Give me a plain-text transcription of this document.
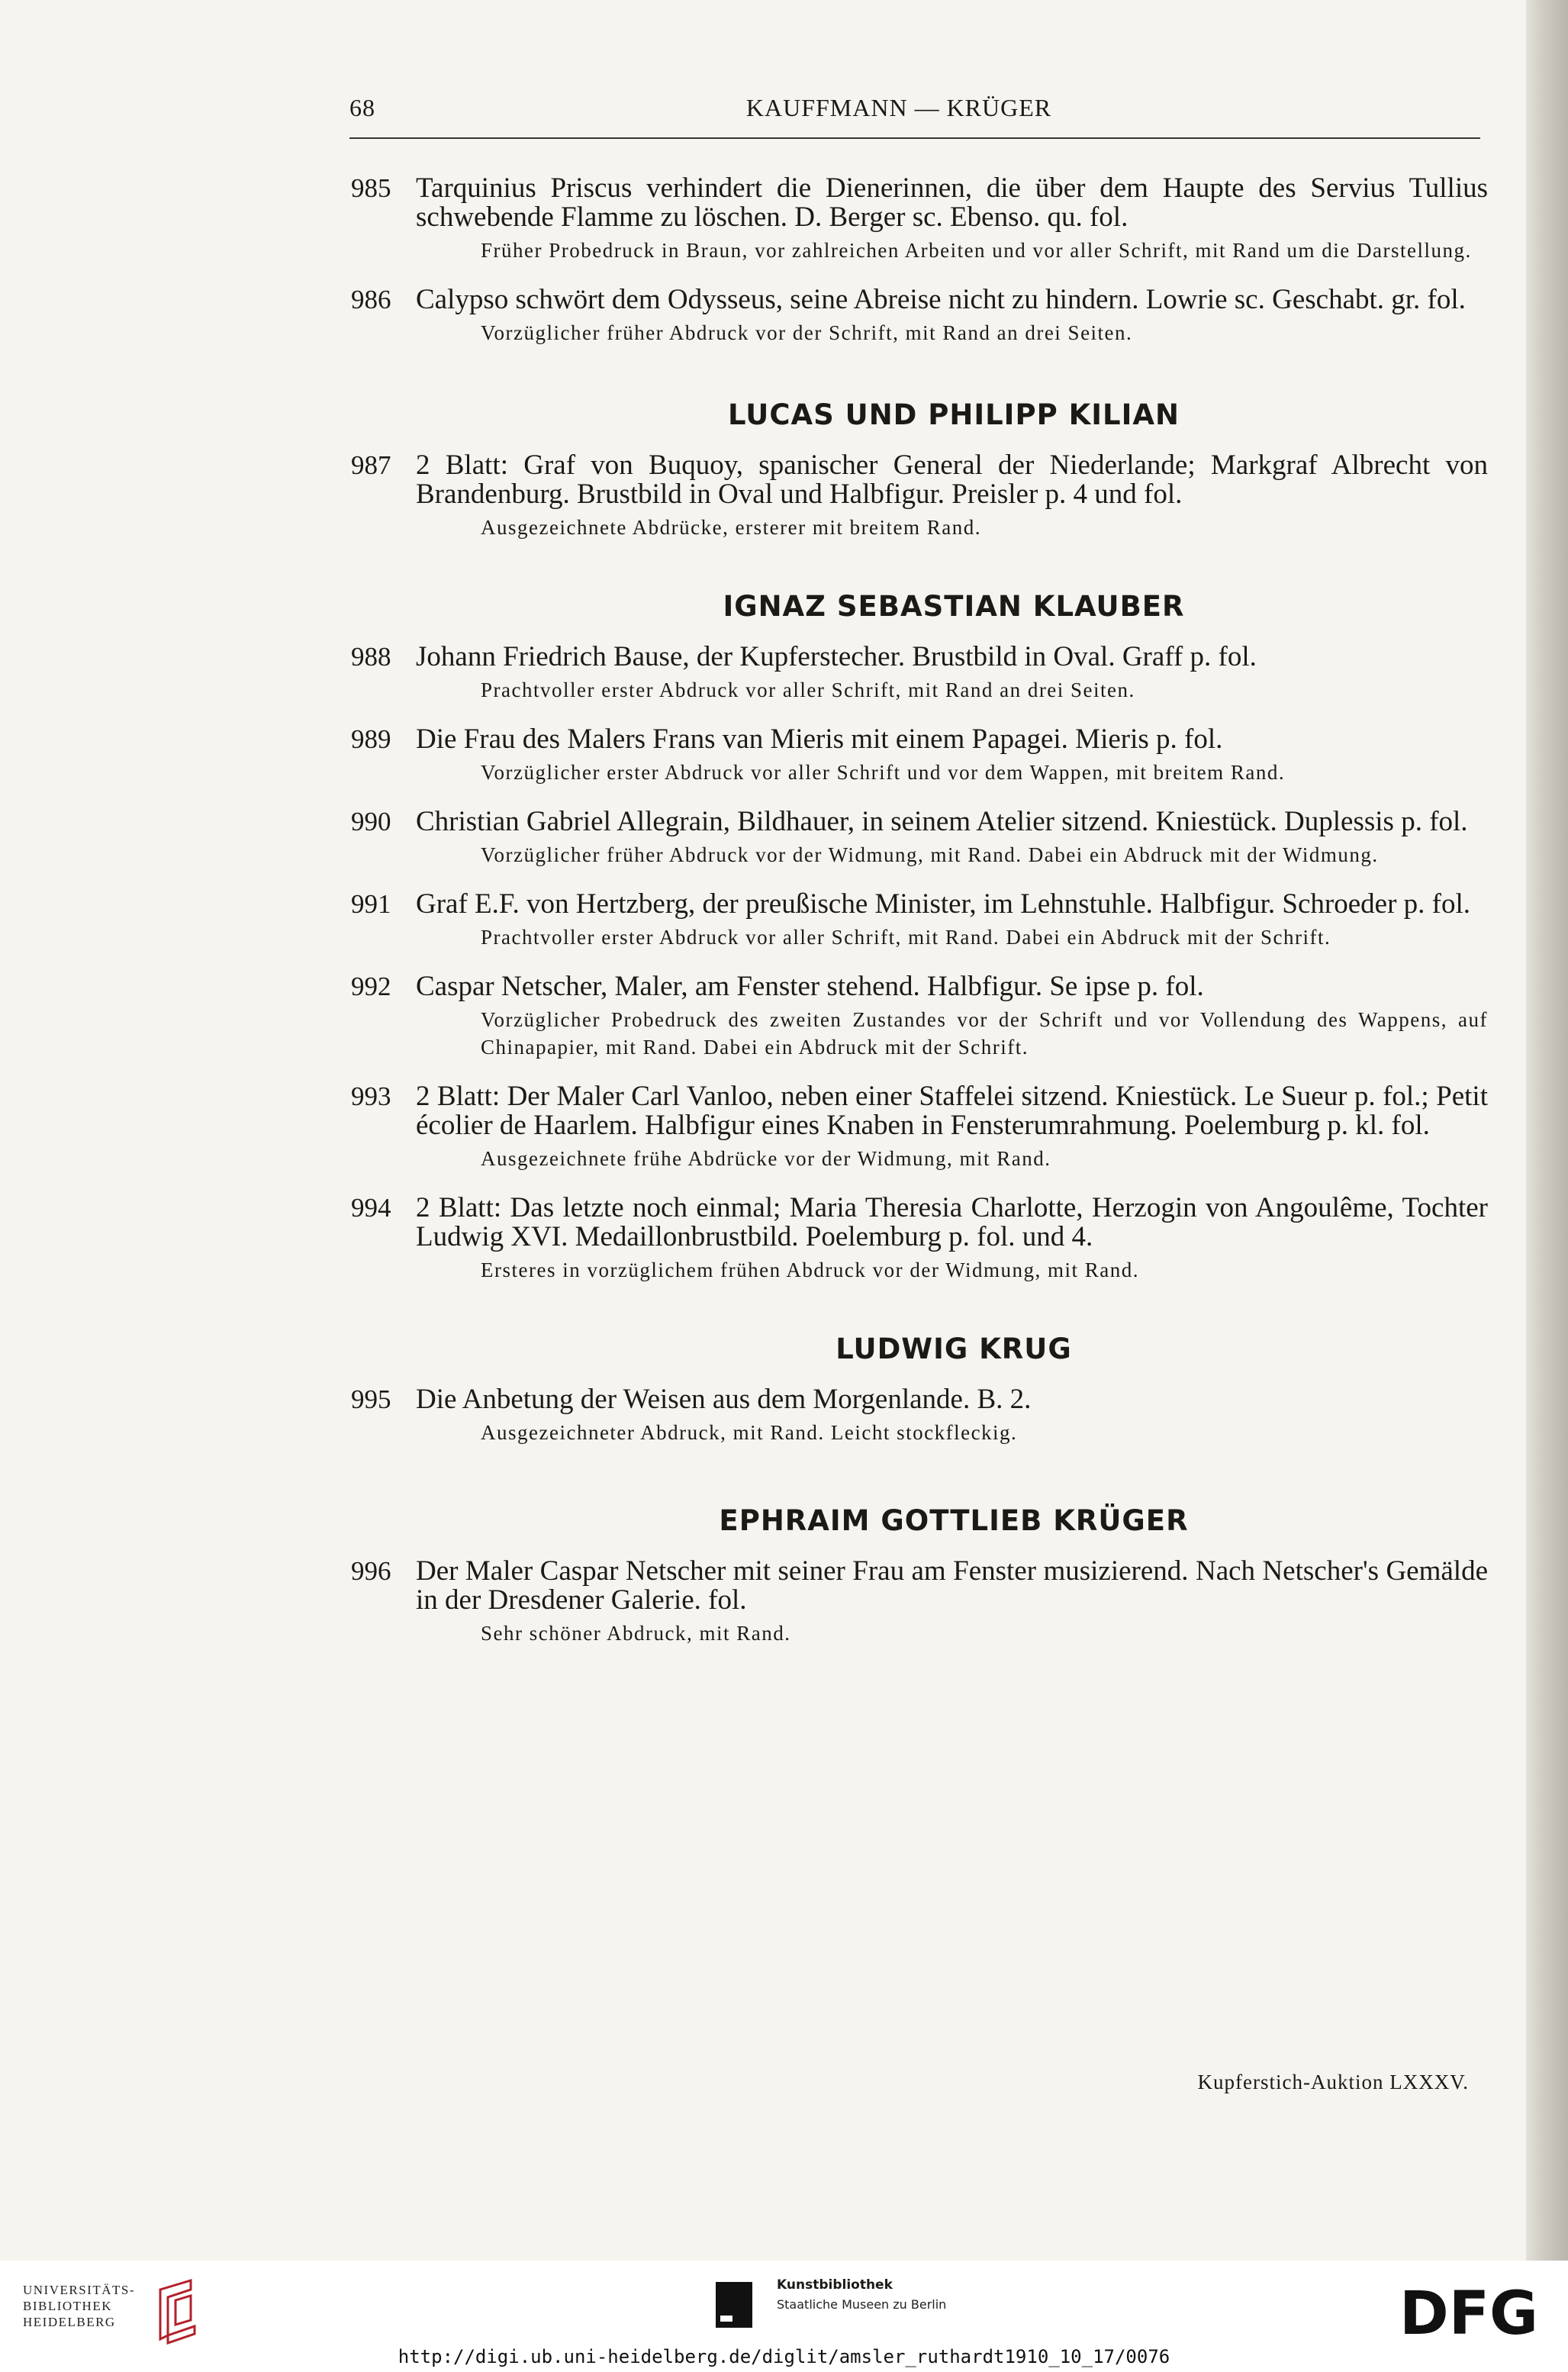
68	KAUFFMANN — KRÜGER
985 Tarquinius Priscus verhindert die Dienerinnen, die über dem Haupte des Servius Tullius schwebende Flamme zu löschen. D. Berger sc. Ebenso. qu. fol.
Früher Probedruck in Braun, vor zahlreichen Arbeiten und vor aller Schrift, mit Rand um die Darstellung.
986 Calypso schwört dem Odysseus, seine Abreise nicht zu hindern. Lowrie sc. Geschabt. gr. fol.
Vorzüglicher früher Abdruck vor der Schrift, mit Rand an drei Seiten.
LUCAS UND PHILIPP KILIAN
987 2 Blatt: Graf von Buquoy, spanischer General der Niederlande; Markgraf Albrecht von Brandenburg. Brustbild in Oval und Halbfigur. Preisler p. 4 und fol.
Ausgezeichnete Abdrücke, ersterer mit breitem Rand.
IGNAZ SEBASTIAN KLAUBER
988 Johann Friedrich Bause, der Kupferstecher. Brustbild in Oval. Graff p. fol.
Prachtvoller erster Abdruck vor aller Schrift, mit Rand an drei Seiten.
989 Die Frau des Malers Frans van Mieris mit einem Papagei. Mieris p. fol.
Vorzüglicher erster Abdruck vor aller Schrift und vor dem Wappen, mit breitem Rand.
990 Christian Gabriel Allegrain, Bildhauer, in seinem Atelier sitzend. Kniestück. Duplessis p. fol.
Vorzüglicher früher Abdruck vor der Widmung, mit Rand. Dabei ein Abdruck mit der Widmung.
991 Graf E.F. von Hertzberg, der preußische Minister, im Lehnstuhle. Halbfigur. Schroeder p. fol.
Prachtvoller erster Abdruck vor aller Schrift, mit Rand. Dabei ein Abdruck mit der Schrift.
992 Caspar Netscher, Maler, am Fenster stehend. Halbfigur. Se ipse p. fol.
Vorzüglicher Probedruck des zweiten Zustandes vor der Schrift und vor Vollendung des Wappens, auf Chinapapier, mit Rand. Dabei ein Abdruck mit der Schrift.
993 2 Blatt: Der Maler Carl Vanloo, neben einer Staffelei sitzend. Kniestück. Le Sueur p. fol.; Petit écolier de Haarlem. Halbfigur eines Knaben in Fensterumrahmung. Poelemburg p. kl. fol.
Ausgezeichnete frühe Abdrücke vor der Widmung, mit Rand.
994 2 Blatt: Das letzte noch einmal; Maria Theresia Charlotte, Herzogin von Angoulême, Tochter Ludwig XVI. Medaillonbrustbild. Poelemburg p. fol. und 4.
Ersteres in vorzüglichem frühen Abdruck vor der Widmung, mit Rand.
LUDWIG KRUG
995 Die Anbetung der Weisen aus dem Morgenlande. B. 2.
Ausgezeichneter Abdruck, mit Rand. Leicht stockfleckig.
EPHRAIM GOTTLIEB KRÜGER
996 Der Maler Caspar Netscher mit seiner Frau am Fenster musizierend. Nach Netscher's Gemälde in der Dresdener Galerie. fol.
Sehr schöner Abdruck, mit Rand.
Kupferstich-Auktion LXXXV.
UNIVERSITÄTS-
BIBLIOTHEK
HEIDELBERG
Kunstbibliothek
Staatliche Museen zu Berlin	DFG
http://digi.ub.uni-heidelberg.de/diglit/amsler_ruthardt1910_10_17/0076
